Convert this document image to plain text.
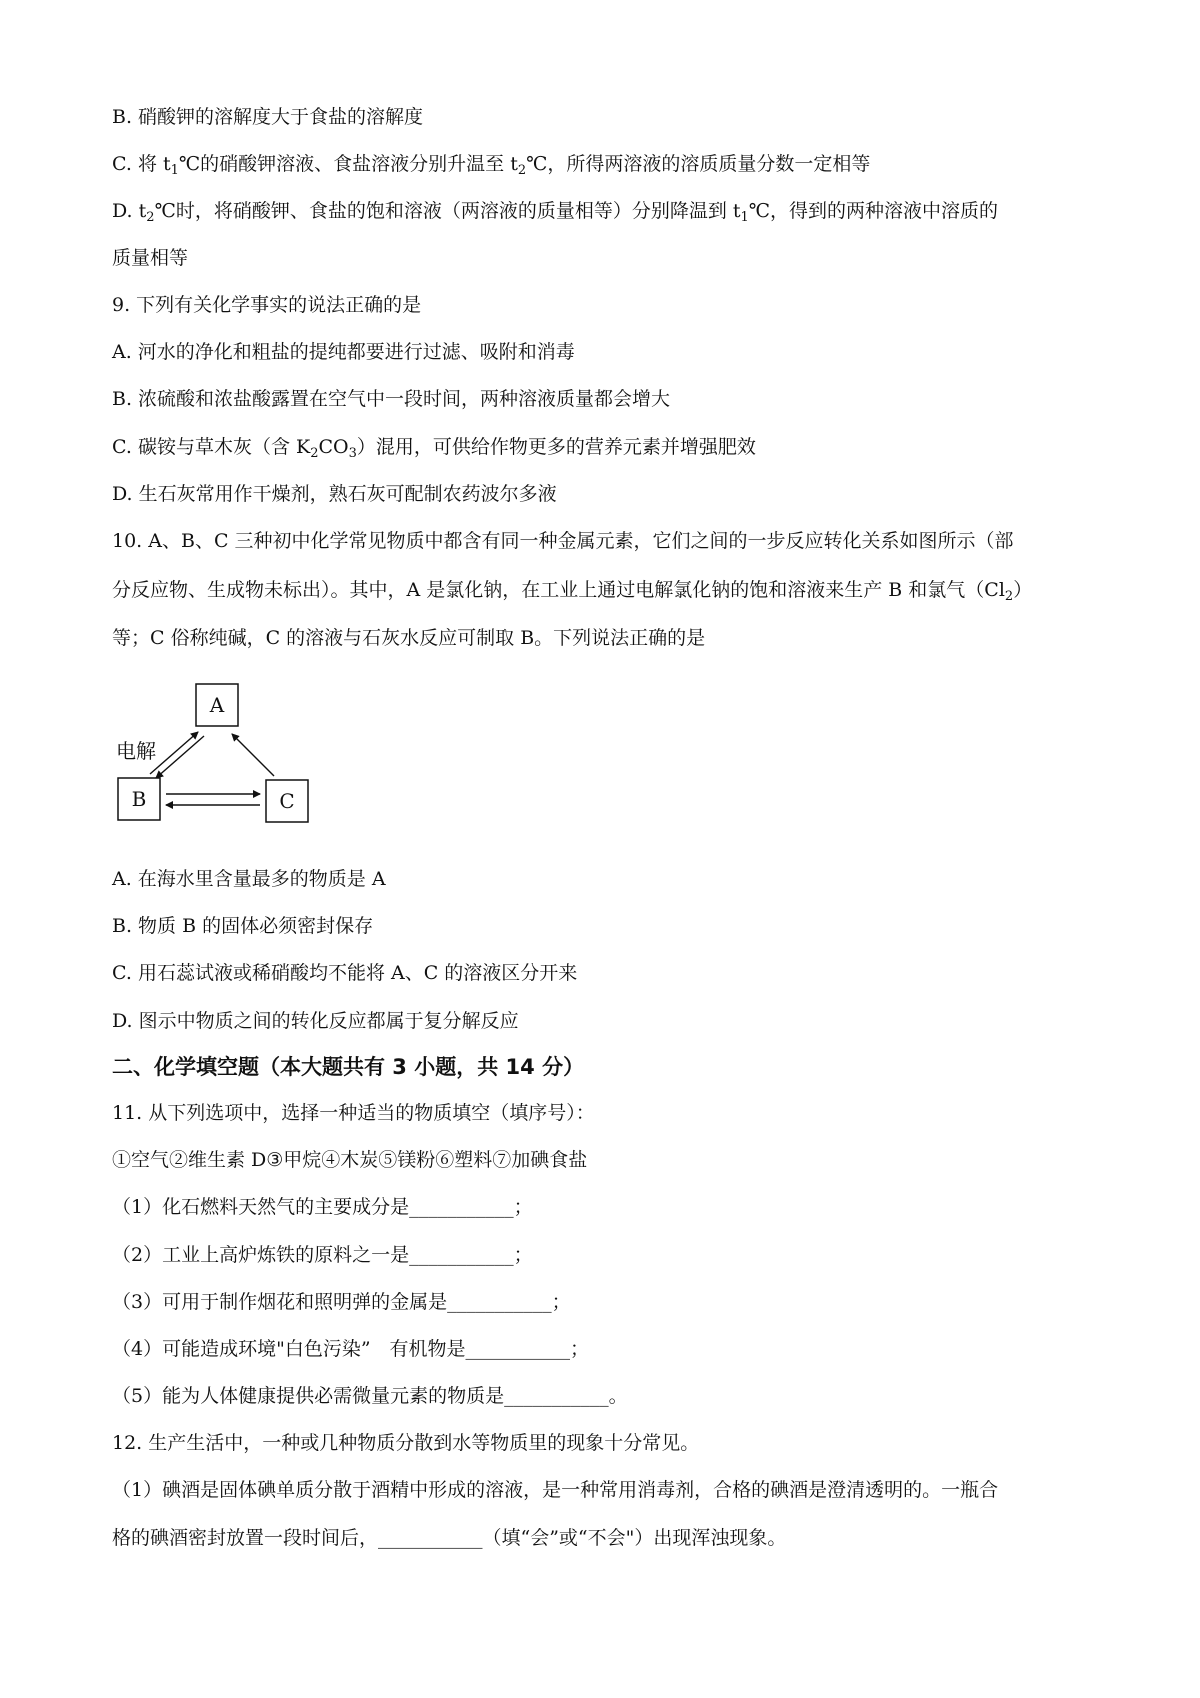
B. 硝酸钾的溶解度大于食盐的溶解度
C. 将 $t_1℃$的硝酸钾溶液、食盐溶液分别升温至 $t_2℃$，所得两溶液的溶质质量分数一定相等
D. $t_2℃$时，将硝酸钾、食盐的饱和溶液（两溶液的质量相等）分别降温到 $t_1℃$，得到的两种溶液中溶质的
质量相等
9. 下列有关化学事实的说法正确的是
A. 河水的净化和粗盐的提纯都要进行过滤、吸附和消毒
B. 浓硫酸和浓盐酸露置在空气中一段时间，两种溶液质量都会增大
C. 碳铵与草木灰（含 $K_2CO_3$）混用，可供给作物更多的营养元素并增强肥效
D. 生石灰常用作干燥剂，熟石灰可配制农药波尔多液
10. A、B、C 三种初中化学常见物质中都含有同一种金属元素，它们之间的一步反应转化关系如图所示（部
分反应物、生成物未标出）。其中，A 是氯化钠，在工业上通过电解氯化钠的饱和溶液来生产 B 和氯气$(Cl_2)$
等；C 俗称纯碱，C 的溶液与石灰水反应可制取 B。下列说法正确的是
A
B	C
电解
A. 在海水里含量最多的物质是 A
B. 物质 B 的固体必须密封保存
C. 用石蕊试液或稀硝酸均不能将 A、C 的溶液区分开来
D. 图示中物质之间的转化反应都属于复分解反应
二、化学填空题（本大题共有 3 小题，共 14 分）
11. 从下列选项中，选择一种适当的物质填空（填序号）：
①空气②维生素 D③甲烷④木炭⑤镁粉⑥塑料⑦加碘食盐
（1）化石燃料天然气的主要成分是___________；
（2）工业上高炉炼铁的原料之一是___________；
（3）可用于制作烟花和照明弹的金属是___________；
（4）可能造成环境"白色污染”　有机物是___________；
（5）能为人体健康提供必需微量元素的物质是___________。
12. 生产生活中，一种或几种物质分散到水等物质里的现象十分常见。
（1）碘酒是固体碘单质分散于酒精中形成的溶液，是一种常用消毒剂，合格的碘酒是澄清透明的。一瓶合
格的碘酒密封放置一段时间后，___________（填“会”或“不会"）出现浑浊现象。
